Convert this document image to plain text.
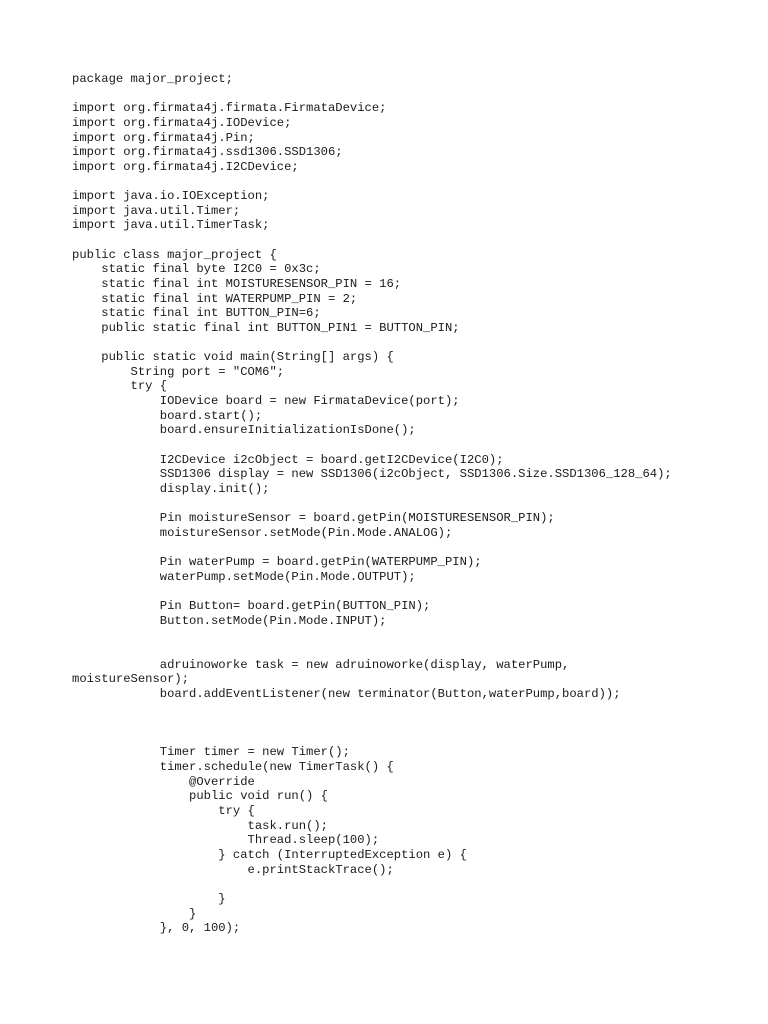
package major_project;
import org.firmata4j.firmata.FirmataDevice;
import org.firmata4j.IODevice;
import org.firmata4j.Pin;
import org.firmata4j.ssd1306.SSD1306;
import org.firmata4j.I2CDevice;
import java.io.IOException;
import java.util.Timer;
import java.util.TimerTask;
public class major_project {
static final byte I2C0 = 0x3c;
static final int MOISTURESENSOR_PIN = 16;
static final int WATERPUMP_PIN = 2;
static final int BUTTON_PIN=6;
public static final int BUTTON_PIN1 = BUTTON_PIN;
public static void main(String[] args) {
String port = "COM6";
try {
IODevice board = new FirmataDevice(port);
board.start();
board.ensureInitializationIsDone();
I2CDevice i2cObject = board.getI2CDevice(I2C0);
SSD1306 display = new SSD1306(i2cObject, SSD1306.Size.SSD1306_128_64);
display.init();
Pin moistureSensor = board.getPin(MOISTURESENSOR_PIN);
moistureSensor.setMode(Pin.Mode.ANALOG);
Pin waterPump = board.getPin(WATERPUMP_PIN);
waterPump.setMode(Pin.Mode.OUTPUT);
Pin Button= board.getPin(BUTTON_PIN);
Button.setMode(Pin.Mode.INPUT);
adruinoworke task = new adruinoworke(display, waterPump,
moistureSensor);
board.addEventListener(new terminator(Button,waterPump,board));
Timer timer = new Timer();
timer.schedule(new TimerTask() {
@Override
public void run() {
try {
task.run();
Thread.sleep(100);
} catch (InterruptedException e) {
e.printStackTrace();
}
}
}, 0, 100);
